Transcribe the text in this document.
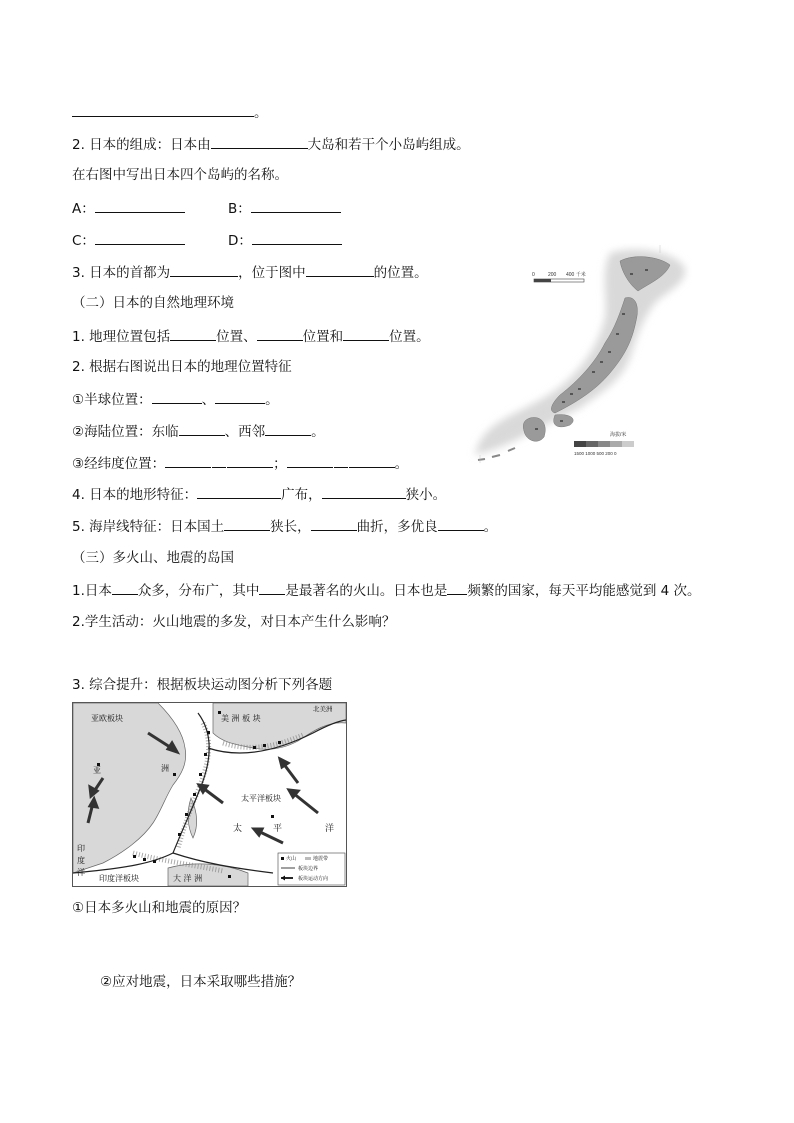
。
2. 日本的组成：日本由	大岛和若干个小岛屿组成。
在右图中写出日本四个岛屿的名称。
A：	B：
C：	D：
3. 日本的首都为	，位于图中	的位置。
（二）日本的自然地理环境
1. 地理位置包括	位置、	位置和	位置。
2. 根据右图说出日本的地理位置特征
①半球位置：	、	。
②海陆位置：东临	、西邻	。
③经纬度位置：	；	。
4. 日本的地形特征：	广布，	狭小。
5. 海岸线特征：日本国土	狭长，	曲折，多优良	。
（三）多火山、地震的岛国
1.日本 众多，分布广，其中 是最著名的火山。日本也是 频繁的国家，每天平均能感觉到 4 次。
2.学生活动：火山地震的多发，对日本产生什么影响？
3. 综合提升：根据板块运动图分析下列各题
①日本多火山和地震的原因？
②应对地震，日本采取哪些措施？
0	200 400 千米
海拔/米
1500 1000 500 200 0
亚欧板块	美 洲 板 块
北美洲
亚	洲
太平洋板块
太	平	洋
印
度
洋
印度洋板块	大 洋 洲
火山	地震带
板块边界
板块运动方向
